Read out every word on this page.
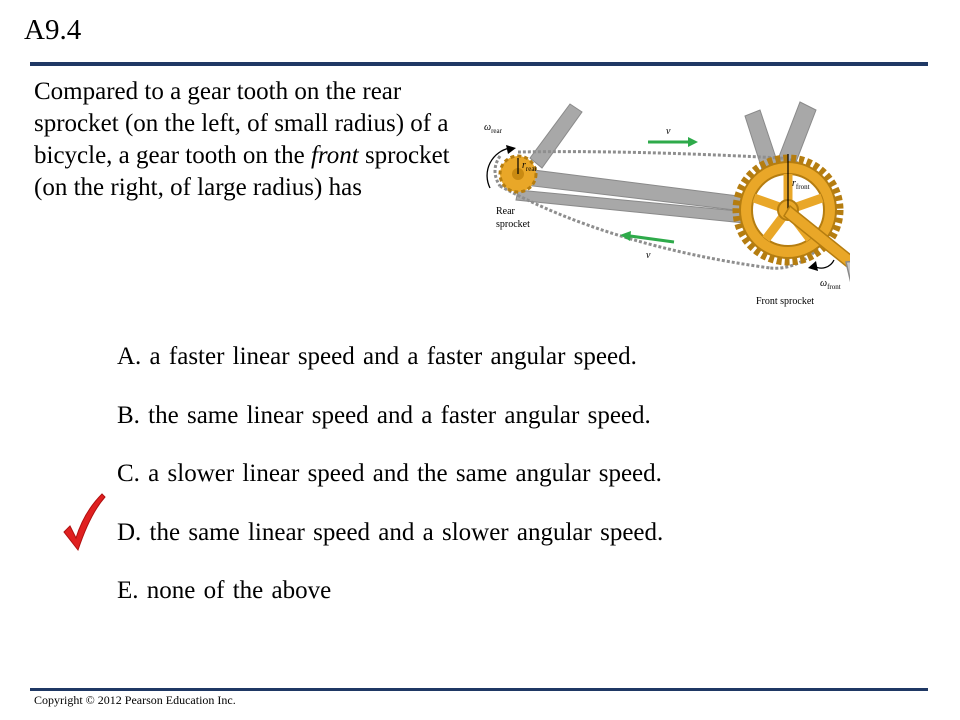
A9.4
Compared to a gear tooth on the rear sprocket (on the left, of small radius) of a bicycle, a gear tooth on the front sprocket (on the right, of large radius) has
$\omega_{rear}$
$r_{rear}$
v
v
$r_{front}$
$\omega_{front}$
Rear
sprocket
Front sprocket
A. a faster linear speed and a faster angular speed.
B. the same linear speed and a faster angular speed.
C. a slower linear speed and the same angular speed.
D. the same linear speed and a slower angular speed.
E. none of the above
Copyright © 2012 Pearson Education Inc.
